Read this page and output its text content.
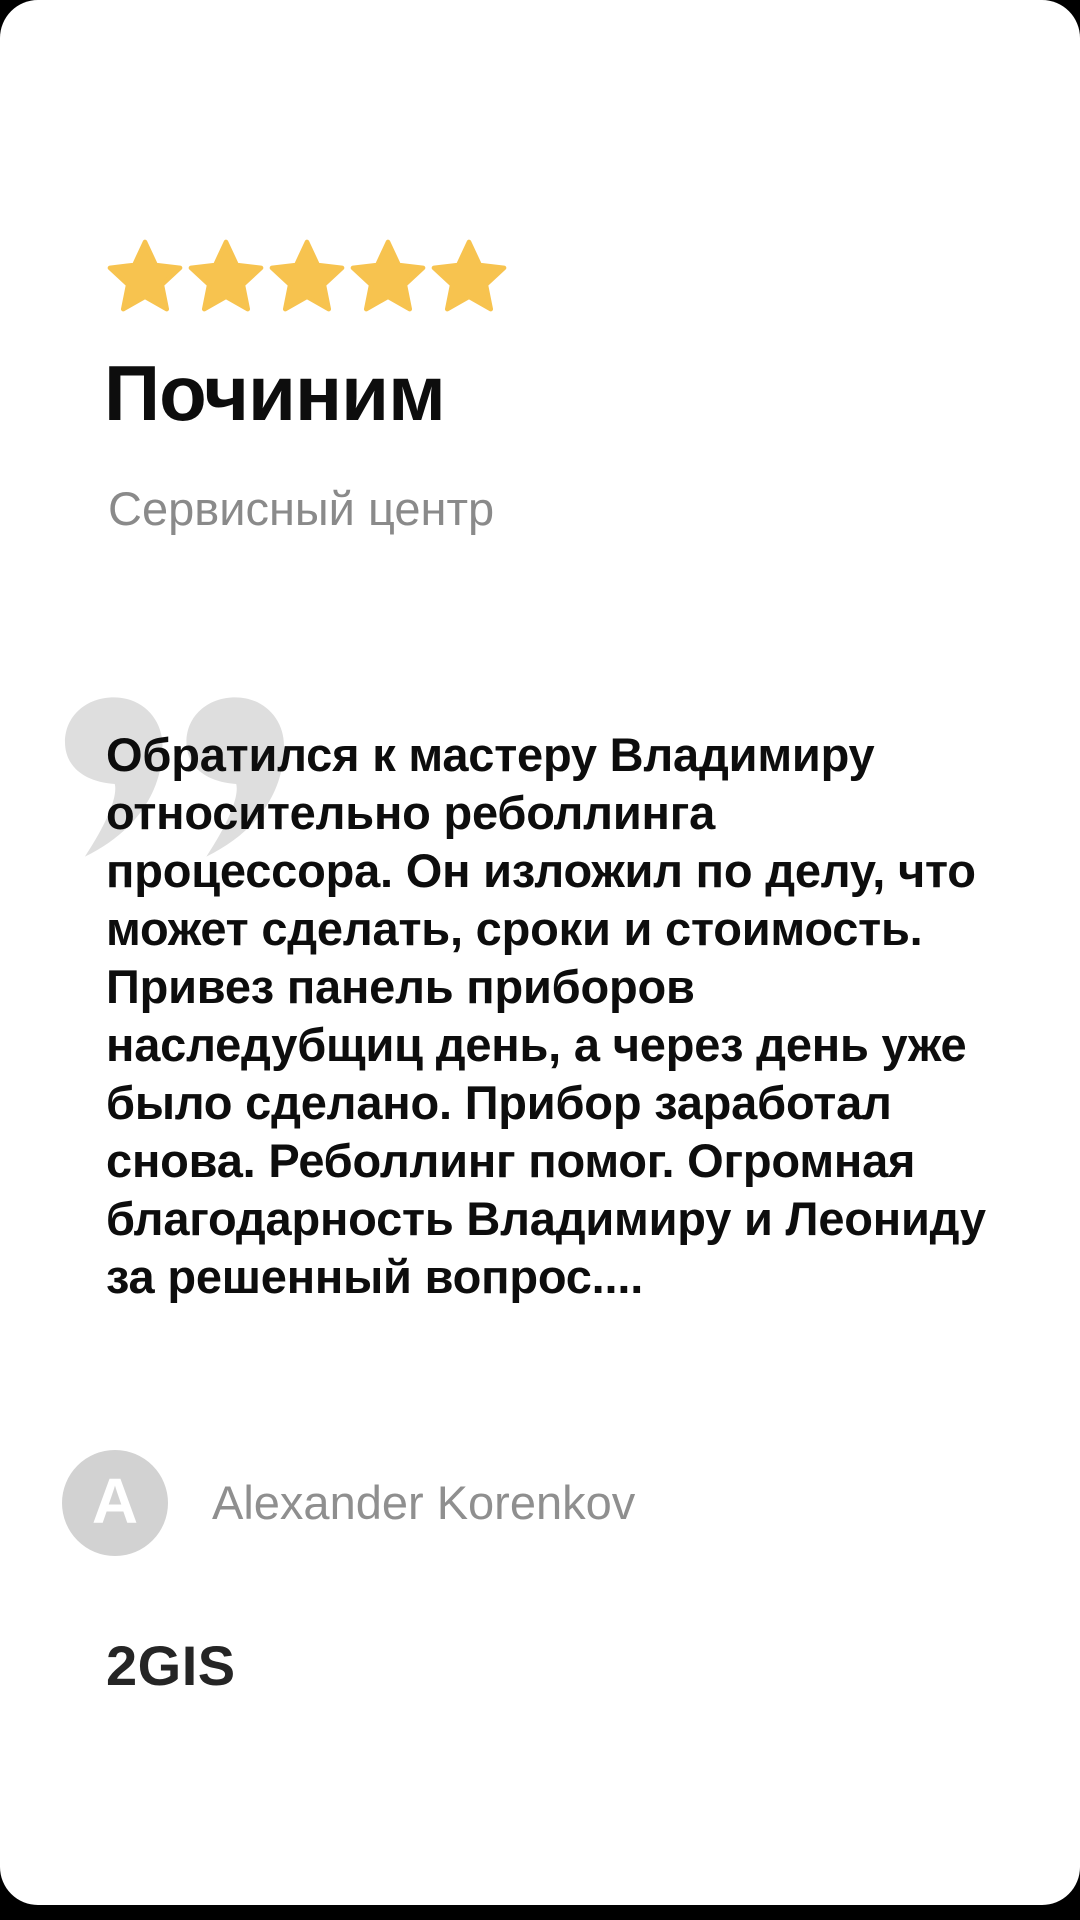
Починим
Сервисный центр
Обратился к мастеру Владимиру относительно реболлинга процессора. Он изложил по делу, что может сделать, сроки и стоимость. Привез панель приборов наследубщиц день, а через день уже было сделано. Прибор заработал снова. Реболлинг помог. Огромная благодарность Владимиру и Леониду за решенный вопрос....
A Alexander Korenkov
2GIS
